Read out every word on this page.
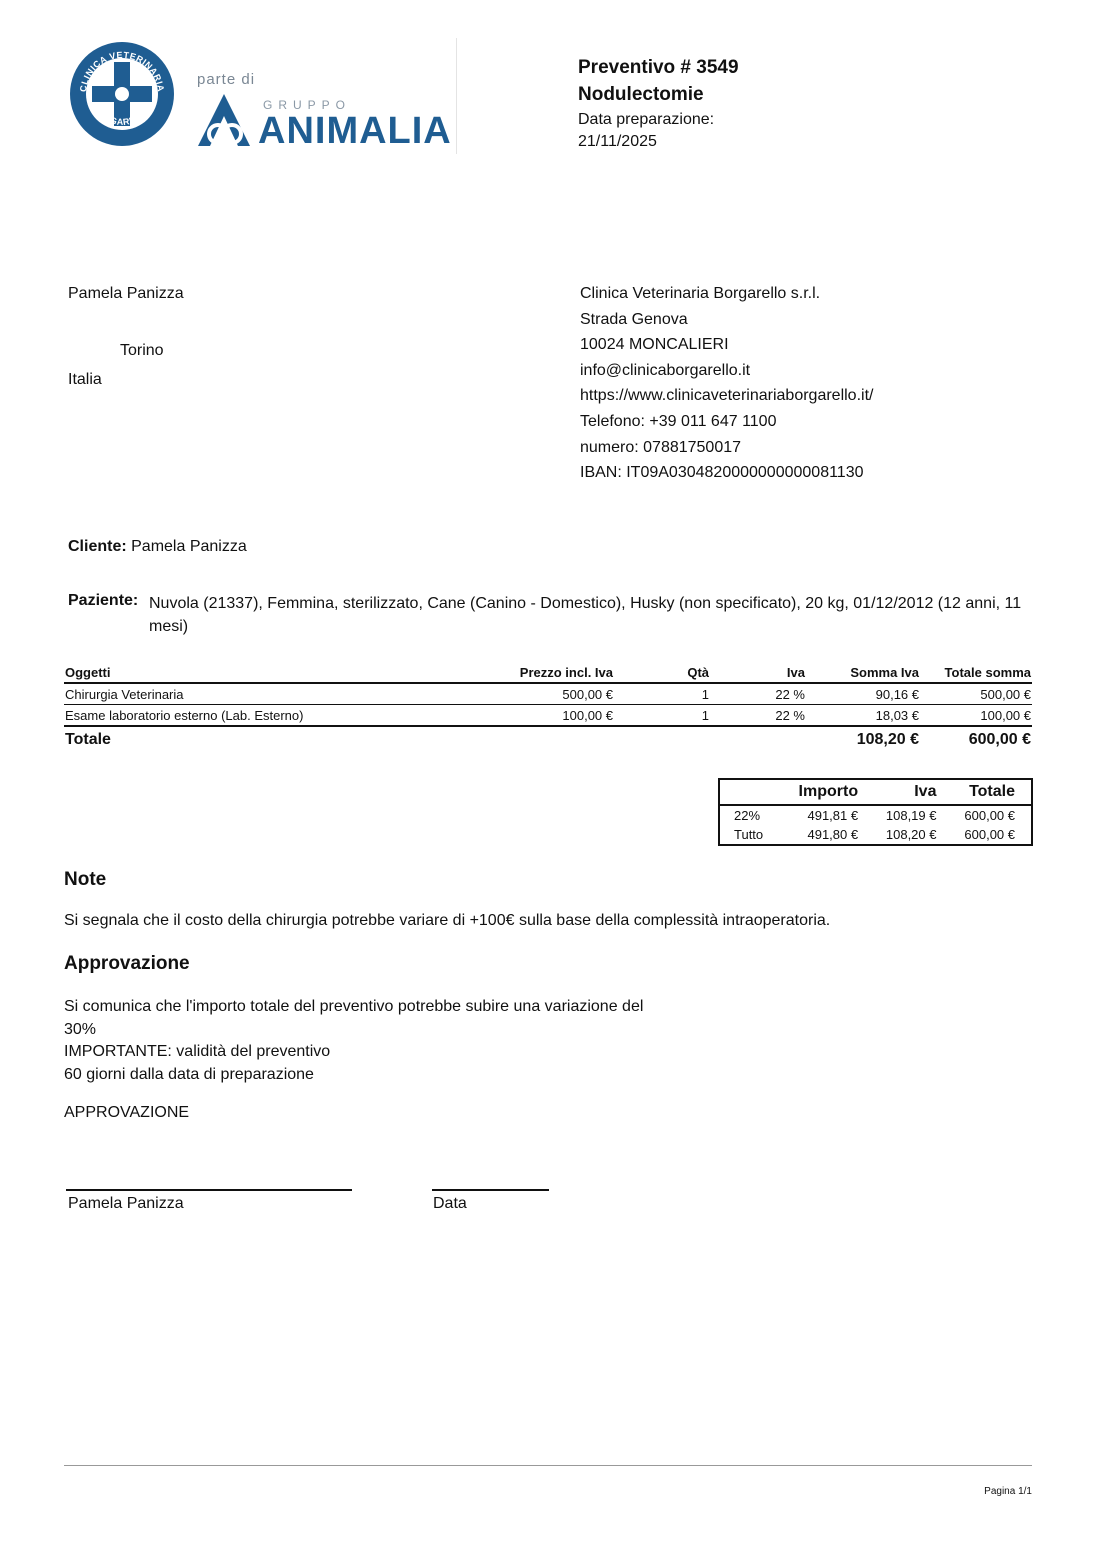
CLINICA VETERINARIA
BORGARELLO
parte di
GRUPPO
ANIMALIA
Preventivo # 3549
Nodulectomie
Data preparazione:
21/11/2025
Pamela Panizza
Torino
Italia
Clinica Veterinaria Borgarello s.r.l.
Strada Genova
10024 MONCALIERI
info@clinicaborgarello.it
https://www.clinicaveterinariaborgarello.it/
Telefono: +39 011 647 1100
numero: 07881750017
IBAN: IT09A0304820000000000081130
Cliente: Pamela Panizza
Paziente: Nuvola (21337), Femmina, sterilizzato, Cane (Canino - Domestico), Husky (non specificato), 20 kg, 01/12/2012 (12 anni, 11 mesi)
Oggetti	Prezzo incl. Iva	Qtà	Iva	Somma Iva	Totale somma
Chirurgia Veterinaria	500,00 €	1	22 %	90,16 €	500,00 €
Esame laboratorio esterno (Lab. Esterno)	100,00 €	1	22 %	18,03 €	100,00 €
Totale				108,20 €	600,00 €
	Importo	Iva	Totale
22%	491,81 €	108,19 €	600,00 €
Tutto	491,80 €	108,20 €	600,00 €
Note
Si segnala che il costo della chirurgia potrebbe variare di +100€ sulla base della complessità intraoperatoria.
Approvazione
Si comunica che l'importo totale del preventivo potrebbe subire una variazione del
30%
IMPORTANTE: validità del preventivo
60 giorni dalla data di preparazione
APPROVAZIONE
Pamela Panizza	Data
Pagina 1/1
